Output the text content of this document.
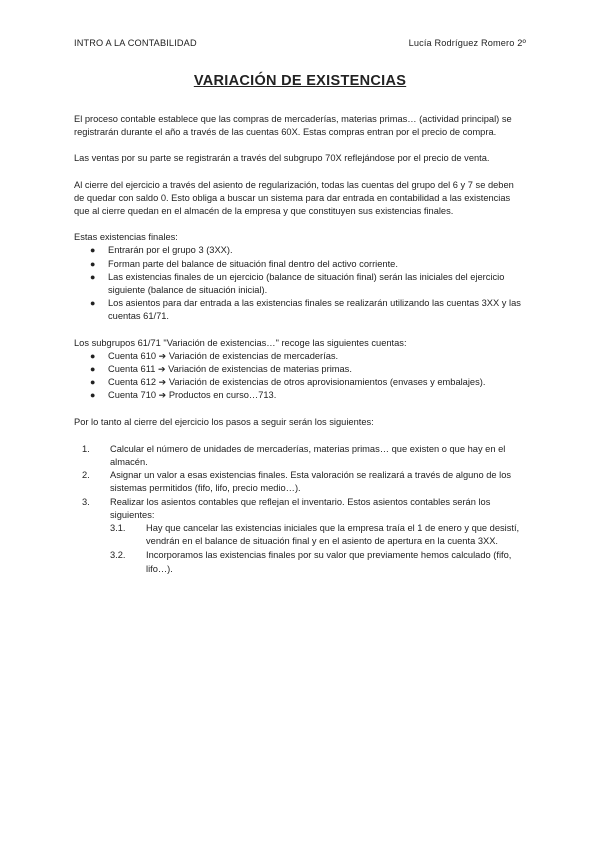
INTRO A LA CONTABILIDAD	Lucía Rodríguez Romero 2º
VARIACIÓN DE EXISTENCIAS

El proceso contable establece que las compras de mercaderías, materias primas… (actividad principal) se registrarán durante el año a través de las cuentas 60X. Estas compras entran por el precio de compra.

Las ventas por su parte se registrarán a través del subgrupo 70X reflejándose por el precio de venta.

Al cierre del ejercicio a través del asiento de regularización, todas las cuentas del grupo del 6 y 7 se deben de quedar con saldo 0. Esto obliga a buscar un sistema para dar entrada en contabilidad a las existencias que al cierre quedan en el almacén de la empresa y que constituyen sus existencias finales.

Estas existencias finales:
● Entrarán por el grupo 3 (3XX).
● Forman parte del balance de situación final dentro del activo corriente.
● Las existencias finales de un ejercicio (balance de situación final) serán las iniciales del ejercicio siguiente (balance de situación inicial).
● Los asientos para dar entrada a las existencias finales se realizarán utilizando las cuentas 3XX y las cuentas 61/71.
Los subgrupos 61/71 "Variación de existencias…" recoge las siguientes cuentas:
● Cuenta 610 ➔ Variación de existencias de mercaderías.
● Cuenta 611 ➔ Variación de existencias de materias primas.
● Cuenta 612 ➔ Variación de existencias de otros aprovisionamientos (envases y embalajes).
● Cuenta 710 ➔ Productos en curso…713.
Por lo tanto al cierre del ejercicio los pasos a seguir serán los siguientes:
1. Calcular el número de unidades de mercaderías, materias primas… que existen o que hay en el almacén.
2. Asignar un valor a esas existencias finales. Esta valoración se realizará a través de alguno de los sistemas permitidos (fifo, lifo, precio medio…).
3. Realizar los asientos contables que reflejan el inventario. Estos asientos contables serán los siguientes:
3.1. Hay que cancelar las existencias iniciales que la empresa traía el 1 de enero y que desistí, vendrán en el balance de situación final y en el asiento de apertura en la cuenta 3XX.
3.2. Incorporamos las existencias finales por su valor que previamente hemos calculado (fifo, lifo…).
